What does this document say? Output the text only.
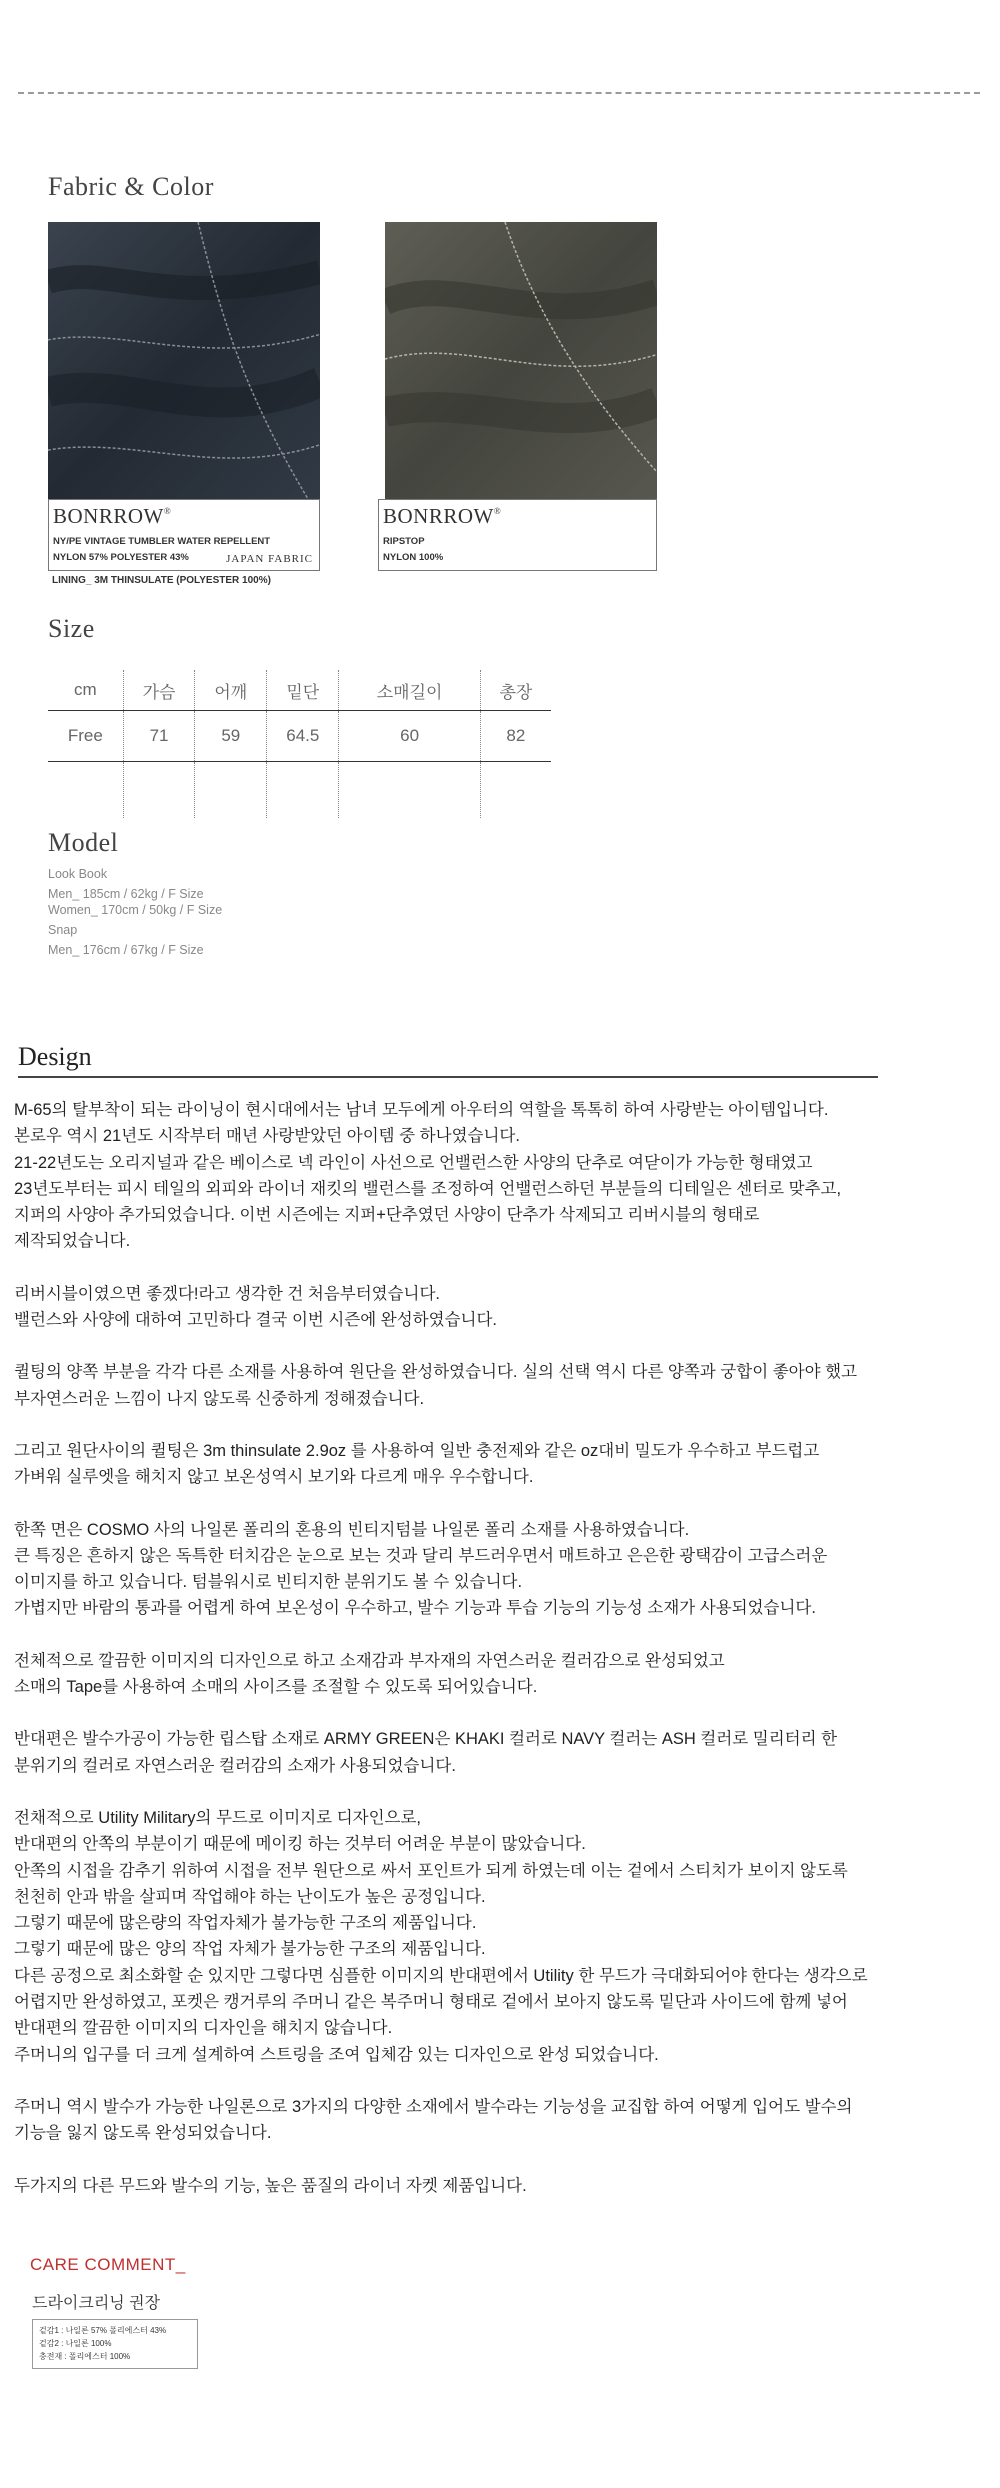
Fabric & Color
BONRROW®
NY/PE VINTAGE TUMBLER WATER REPELLENT
NYLON 57% POLYESTER 43%	JAPAN FABRIC
BONRROW®
RIPSTOP
NYLON 100%
LINING_ 3M THINSULATE (POLYESTER 100%)
Size
cm	가슴	어깨	밑단	소매길이	총장
Free	71	59	64.5	60	82

Model
Look Book
Men_ 185cm / 62kg / F Size
Women_ 170cm / 50kg / F Size
Snap
Men_ 176cm / 67kg / F Size
Design

M-65의 탈부착이 되는 라이닝이 현시대에서는 남녀 모두에게 아우터의 역할을 톡톡히 하여 사랑받는 아이템입니다.
본로우 역시 21년도 시작부터 매년 사랑받았던 아이템 중 하나였습니다.
21-22년도는 오리지널과 같은 베이스로 넥 라인이 사선으로 언밸런스한 사양의 단추로 여닫이가 가능한 형태였고
23년도부터는 피시 테일의 외피와 라이너 재킷의 밸런스를 조정하여 언밸런스하던 부분들의 디테일은 센터로 맞추고,
지퍼의 사양아 추가되었습니다. 이번 시즌에는 지퍼+단추였던 사양이 단추가 삭제되고 리버시블의 형태로
제작되었습니다.

리버시블이였으면 좋겠다!라고 생각한 건 처음부터였습니다.
밸런스와 사양에 대하여 고민하다 결국 이번 시즌에 완성하였습니다.

퀼팅의 양쪽 부분을 각각 다른 소재를 사용하여 원단을 완성하였습니다. 실의 선택 역시 다른 양쪽과 궁합이 좋아야 했고
부자연스러운 느낌이 나지 않도록 신중하게 정해졌습니다.

그리고 원단사이의 퀼팅은 3m thinsulate 2.9oz 를 사용하여 일반 충전제와 같은 oz대비 밀도가 우수하고 부드럽고
가벼워 실루엣을 해치지 않고 보온성역시 보기와 다르게 매우 우수합니다.

한쪽 면은 COSMO 사의 나일론 폴리의 혼용의 빈티지텀블 나일론 폴리 소재를 사용하였습니다.
큰 특징은 흔하지 않은 독특한 터치감은 눈으로 보는 것과 달리 부드러우면서 매트하고 은은한 광택감이 고급스러운
이미지를 하고 있습니다. 텀블워시로 빈티지한 분위기도 볼 수 있습니다.
가볍지만 바람의 통과를 어렵게 하여 보온성이 우수하고, 발수 기능과 투습 기능의 기능성 소재가 사용되었습니다.

전체적으로 깔끔한 이미지의 디자인으로 하고 소재감과 부자재의 자연스러운 컬러감으로 완성되었고
소매의 Tape를 사용하여 소매의 사이즈를 조절할 수 있도록 되어있습니다.

반대편은 발수가공이 가능한 립스탑 소재로 ARMY GREEN은 KHAKI 컬러로 NAVY 컬러는 ASH 컬러로 밀리터리 한
분위기의 컬러로 자연스러운 컬러감의 소재가 사용되었습니다.

전채적으로 Utility Military의 무드로 이미지로 디자인으로,
반대편의 안쪽의 부분이기 때문에 메이킹 하는 것부터 어려운 부분이 많았습니다.
안쪽의 시접을 감추기 위하여 시접을 전부 원단으로 싸서 포인트가 되게 하였는데 이는 겉에서 스티치가 보이지 않도록
천천히 안과 밖을 살피며 작업해야 하는 난이도가 높은 공정입니다.
그렇기 때문에 많은량의 작업자체가 불가능한 구조의 제품입니다.
그렇기 때문에 많은 양의 작업 자체가 불가능한 구조의 제품입니다.
다른 공정으로 최소화할 순 있지만 그렇다면 심플한 이미지의 반대편에서 Utility 한 무드가 극대화되어야 한다는 생각으로
어렵지만 완성하였고, 포켓은 캥거루의 주머니 같은 복주머니 형태로 겉에서 보아지 않도록 밑단과 사이드에 함께 넣어
반대편의 깔끔한 이미지의 디자인을 해치지 않습니다.
주머니의 입구를 더 크게 설계하여 스트링을 조여 입체감 있는 디자인으로 완성 되었습니다.

주머니 역시 발수가 가능한 나일론으로 3가지의 다양한 소재에서 발수라는 기능성을 교집합 하여 어떻게 입어도 발수의
기능을 잃지 않도록 완성되었습니다.

두가지의 다른 무드와 발수의 기능, 높은 품질의 라이너 자켓 제품입니다.

CARE COMMENT_
드라이크리닝 권장
겉감1 : 나일론 57% 폴리에스터 43%
겉감2 : 나일론 100%
충전재 : 폴리에스터 100%
